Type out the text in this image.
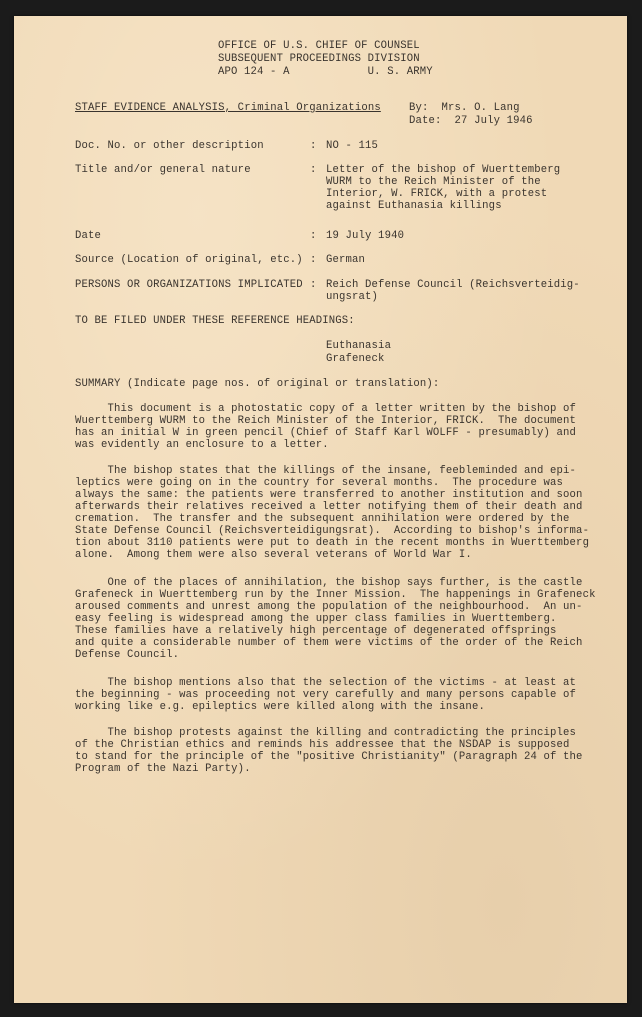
OFFICE OF U.S. CHIEF OF COUNSEL
SUBSEQUENT PROCEEDINGS DIVISION
APO 124 - A            U. S. ARMY
STAFF EVIDENCE ANALYSIS, Criminal Organizations	By:  Mrs. O. Lang
Date:  27 July 1946
Doc. No. or other description	: NO - 115
Title and/or general nature	: Letter of the bishop of Wuerttemberg
WURM to the Reich Minister of the
Interior, W. FRICK, with a protest
against Euthanasia killings
Date	: 19 July 1940
Source (Location of original, etc.) : German
PERSONS OR ORGANIZATIONS IMPLICATED : Reich Defense Council (Reichsverteidig-
ungsrat)
TO BE FILED UNDER THESE REFERENCE HEADINGS:
Euthanasia
Grafeneck
SUMMARY (Indicate page nos. of original or translation):
This document is a photostatic copy of a letter written by the bishop of
Wuerttemberg WURM to the Reich Minister of the Interior, FRICK.  The document
has an initial W in green pencil (Chief of Staff Karl WOLFF - presumably) and
was evidently an enclosure to a letter.
The bishop states that the killings of the insane, feebleminded and epi-
leptics were going on in the country for several months.  The procedure was
always the same: the patients were transferred to another institution and soon
afterwards their relatives received a letter notifying them of their death and
cremation.  The transfer and the subsequent annihilation were ordered by the
State Defense Council (Reichsverteidigungsrat).  According to bishop's informa-
tion about 3110 patients were put to death in the recent months in Wuerttemberg
alone.  Among them were also several veterans of World War I.
One of the places of annihilation, the bishop says further, is the castle
Grafeneck in Wuerttemberg run by the Inner Mission.  The happenings in Grafeneck
aroused comments and unrest among the population of the neighbourhood.  An un-
easy feeling is widespread among the upper class families in Wuerttemberg.
These families have a relatively high percentage of degenerated offsprings
and quite a considerable number of them were victims of the order of the Reich
Defense Council.
The bishop mentions also that the selection of the victims - at least at
the beginning - was proceeding not very carefully and many persons capable of
working like e.g. epileptics were killed along with the insane.
The bishop protests against the killing and contradicting the principles
of the Christian ethics and reminds his addressee that the NSDAP is supposed
to stand for the principle of the "positive Christianity" (Paragraph 24 of the
Program of the Nazi Party).
